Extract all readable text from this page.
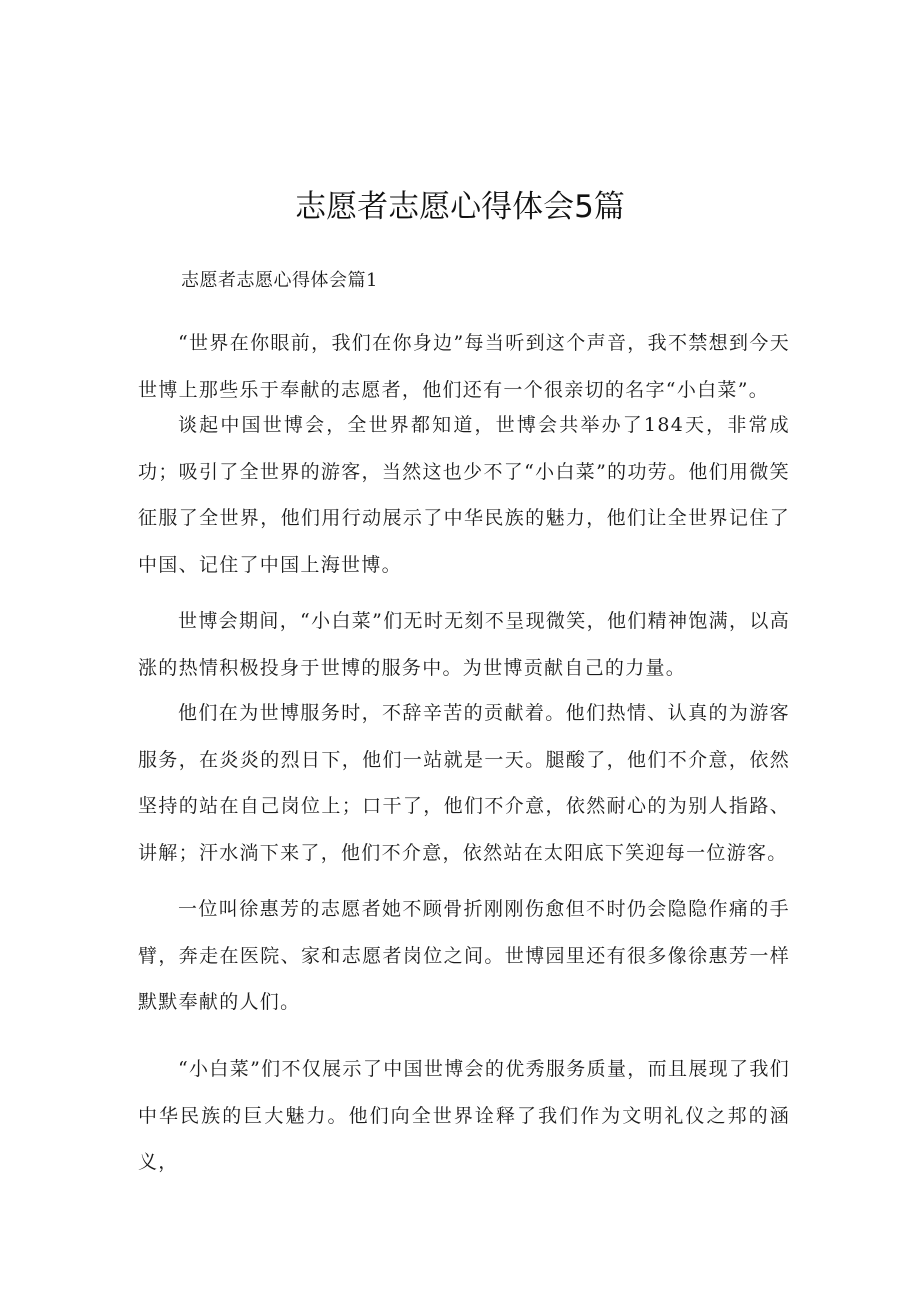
志愿者志愿心得体会5篇
志愿者志愿心得体会篇1

“世界在你眼前，我们在你身边”每当听到这个声音，我不禁想到今天世博上那些乐于奉献的志愿者，他们还有一个很亲切的名字“小白菜”。

谈起中国世博会，全世界都知道，世博会共举办了184天，非常成功；吸引了全世界的游客，当然这也少不了“小白菜”的功劳。他们用微笑征服了全世界，他们用行动展示了中华民族的魅力，他们让全世界记住了中国、记住了中国上海世博。

世博会期间，“小白菜”们无时无刻不呈现微笑，他们精神饱满，以高涨的热情积极投身于世博的服务中。为世博贡献自己的力量。

他们在为世博服务时，不辞辛苦的贡献着。他们热情、认真的为游客服务，在炎炎的烈日下，他们一站就是一天。腿酸了，他们不介意，依然坚持的站在自己岗位上；口干了，他们不介意，依然耐心的为别人指路、讲解；汗水淌下来了，他们不介意，依然站在太阳底下笑迎每一位游客。

一位叫徐惠芳的志愿者她不顾骨折刚刚伤愈但不时仍会隐隐作痛的手臂，奔走在医院、家和志愿者岗位之间。世博园里还有很多像徐惠芳一样默默奉献的人们。

“小白菜”们不仅展示了中国世博会的优秀服务质量，而且展现了我们中华民族的巨大魅力。他们向全世界诠释了我们作为文明礼仪之邦的涵义，
